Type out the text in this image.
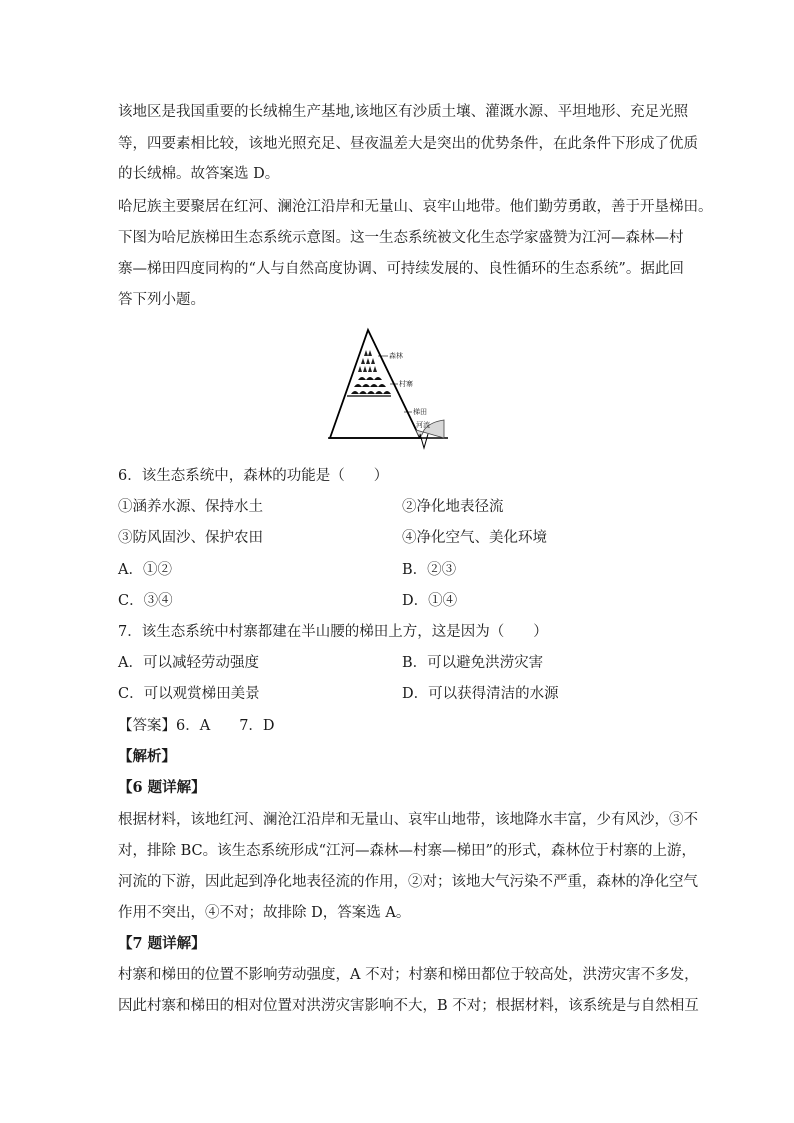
该地区是我国重要的长绒棉生产基地,该地区有沙质土壤、灌溉水源、平坦地形、充足光照
等，四要素相比较，该地光照充足、昼夜温差大是突出的优势条件，在此条件下形成了优质
的长绒棉。故答案选 D。
哈尼族主要聚居在红河、澜沧江沿岸和无量山、哀牢山地带。他们勤劳勇敢，善于开垦梯田。
下图为哈尼族梯田生态系统示意图。这一生态系统被文化生态学家盛赞为江河—森林—村
寨—梯田四度同构的“人与自然高度协调、可持续发展的、良性循环的生态系统”。据此回
答下列小题。
森林
村寨
梯田
河流
6．该生态系统中，森林的功能是（　　）
①涵养水源、保持水土	②净化地表径流
③防风固沙、保护农田	④净化空气、美化环境
A．①②	B．②③
C．③④	D．①④
7．该生态系统中村寨都建在半山腰的梯田上方，这是因为（　　）
A．可以减轻劳动强度	B．可以避免洪涝灾害
C．可以观赏梯田美景	D．可以获得清洁的水源
【答案】6．A　　7．D
【解析】
【6 题详解】
根据材料，该地红河、澜沧江沿岸和无量山、哀牢山地带，该地降水丰富，少有风沙，③不
对，排除 BC。该生态系统形成“江河—森林—村寨—梯田”的形式，森林位于村寨的上游，
河流的下游，因此起到净化地表径流的作用，②对；该地大气污染不严重，森林的净化空气
作用不突出，④不对；故排除 D，答案选 A。
【7 题详解】
村寨和梯田的位置不影响劳动强度，A 不对；村寨和梯田都位于较高处，洪涝灾害不多发，
因此村寨和梯田的相对位置对洪涝灾害影响不大，B 不对；根据材料，该系统是与自然相互
